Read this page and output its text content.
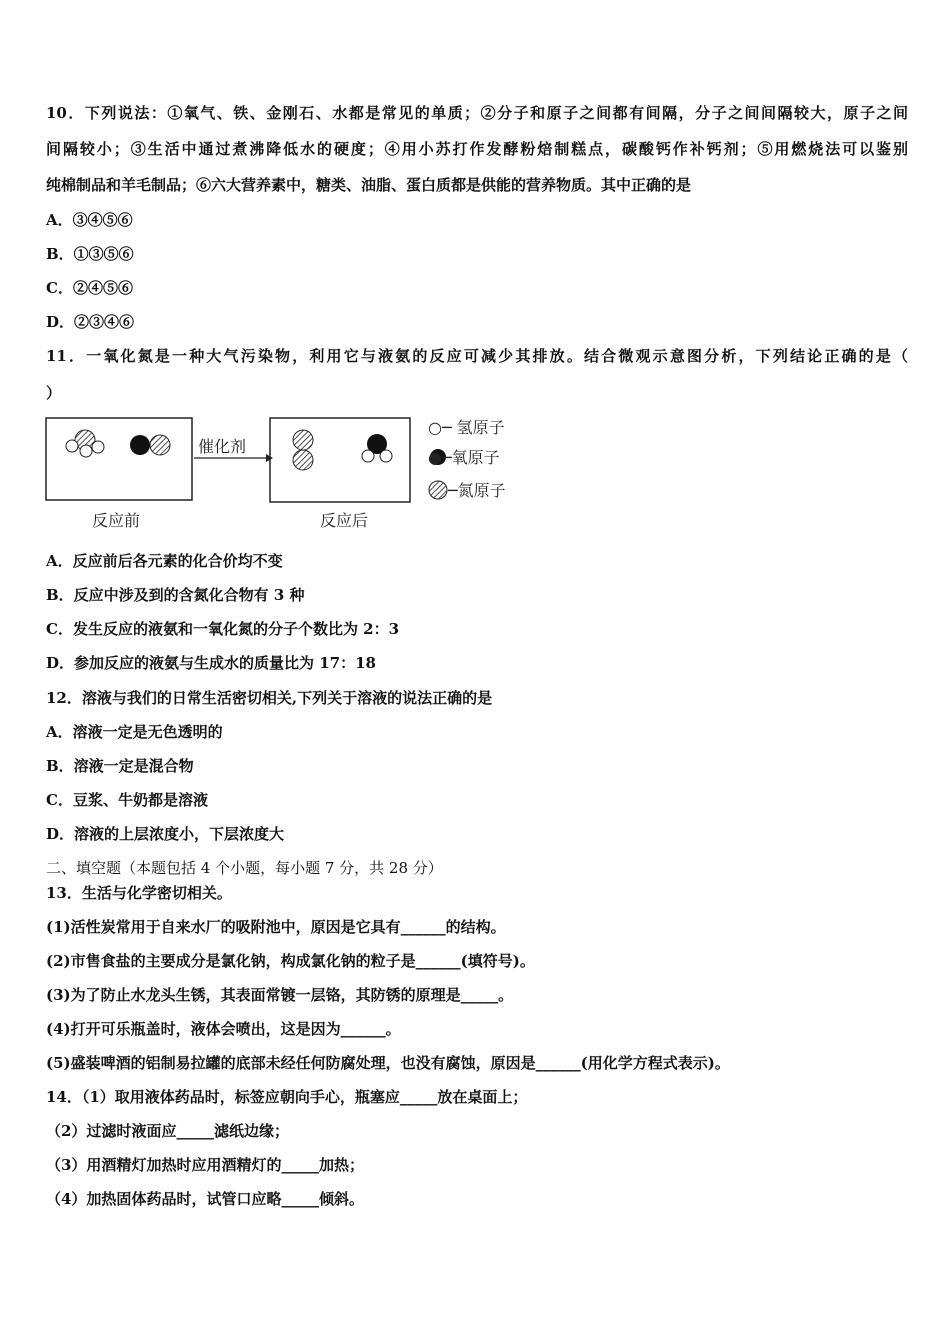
10．下列说法：①氧气、铁、金刚石、水都是常见的单质；②分子和原子之间都有间隔，分子之间间隔较大，原子之间
间隔较小；③生活中通过煮沸降低水的硬度；④用小苏打作发酵粉焙制糕点，碳酸钙作补钙剂；⑤用燃烧法可以鉴别
纯棉制品和羊毛制品；⑥六大营养素中，糖类、油脂、蛋白质都是供能的营养物质。其中正确的是
A．③④⑤⑥
B．①③⑤⑥
C．②④⑤⑥
D．②③④⑥
11．一氧化氮是一种大气污染物，利用它与液氨的反应可减少其排放。结合微观示意图分析，下列结论正确的是（
）
催化剂
反应前	反应后
○─ 氢原子
●─氧原子
─氮原子
A．反应前后各元素的化合价均不变
B．反应中涉及到的含氮化合物有 3 种
C．发生反应的液氨和一氧化氮的分子个数比为 2：3
D．参加反应的液氨与生成水的质量比为 17：18
12．溶液与我们的日常生活密切相关,下列关于溶液的说法正确的是
A．溶液一定是无色透明的
B．溶液一定是混合物
C．豆浆、牛奶都是溶液
D．溶液的上层浓度小，下层浓度大
二、填空题（本题包括 4 个小题，每小题 7 分，共 28 分）
13．生活与化学密切相关。
(1)活性炭常用于自来水厂的吸附池中，原因是它具有______的结构。
(2)市售食盐的主要成分是氯化钠，构成氯化钠的粒子是______(填符号)。
(3)为了防止水龙头生锈，其表面常镀一层铬，其防锈的原理是_____。
(4)打开可乐瓶盖时，液体会喷出，这是因为______。
(5)盛装啤酒的铝制易拉罐的底部未经任何防腐处理，也没有腐蚀，原因是______(用化学方程式表示)。
14．（1）取用液体药品时，标签应朝向手心，瓶塞应_____放在桌面上；
（2）过滤时液面应_____滤纸边缘；
（3）用酒精灯加热时应用酒精灯的_____加热；
（4）加热固体药品时，试管口应略_____倾斜。
